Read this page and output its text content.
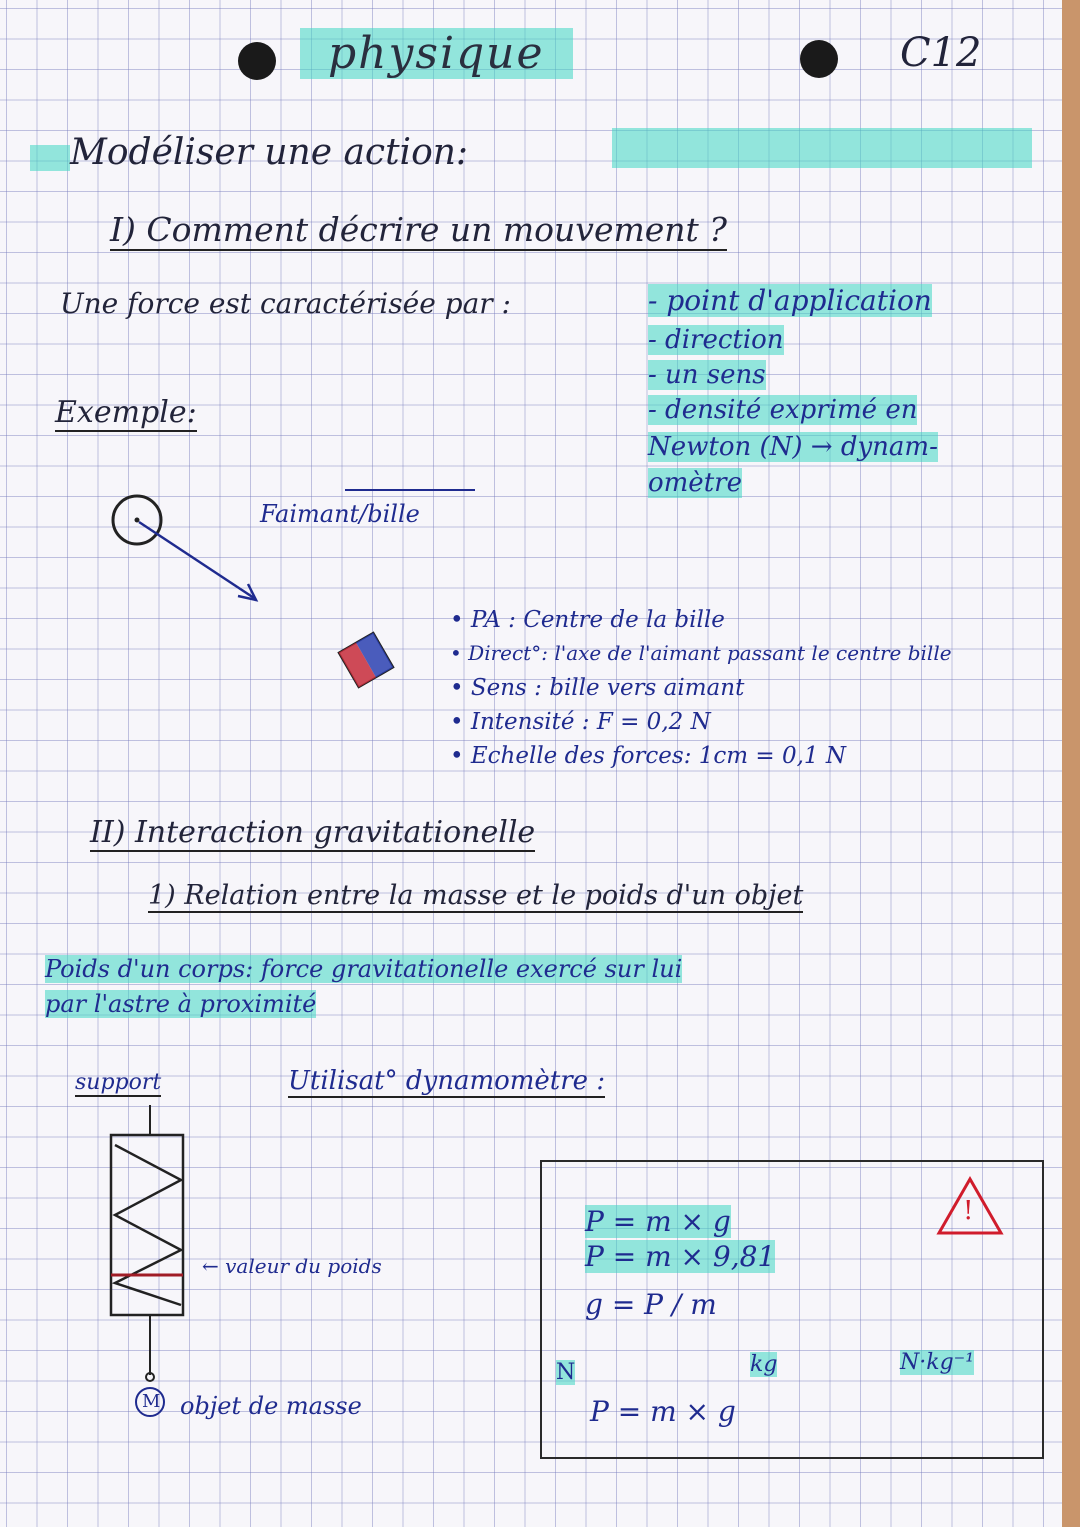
physique	C12
Modéliser une action:
I) Comment décrire un mouvement ?
Une force est caractérisée par :	- point d'application
- direction
- un sens
- densité exprimé en
Newton (N) → dynam-
omètre
Exemple:
Faimant/bille
• PA : Centre de la bille
• Direct°: l'axe de l'aimant passant le centre bille
• Sens : bille vers aimant
• Intensité : F = 0,2 N
• Echelle des forces: 1cm = 0,1 N
II) Interaction gravitationelle
1) Relation entre la masse et le poids d'un objet
Poids d'un corps: force gravitationelle exercé sur lui
par l'astre à proximité
support	Utilisat° dynamomètre :
← valeur du poids
M objet de masse
P = m × g
P = m × 9,81
g = P / m
!
N	kg	N·kg⁻¹
P = m × g
